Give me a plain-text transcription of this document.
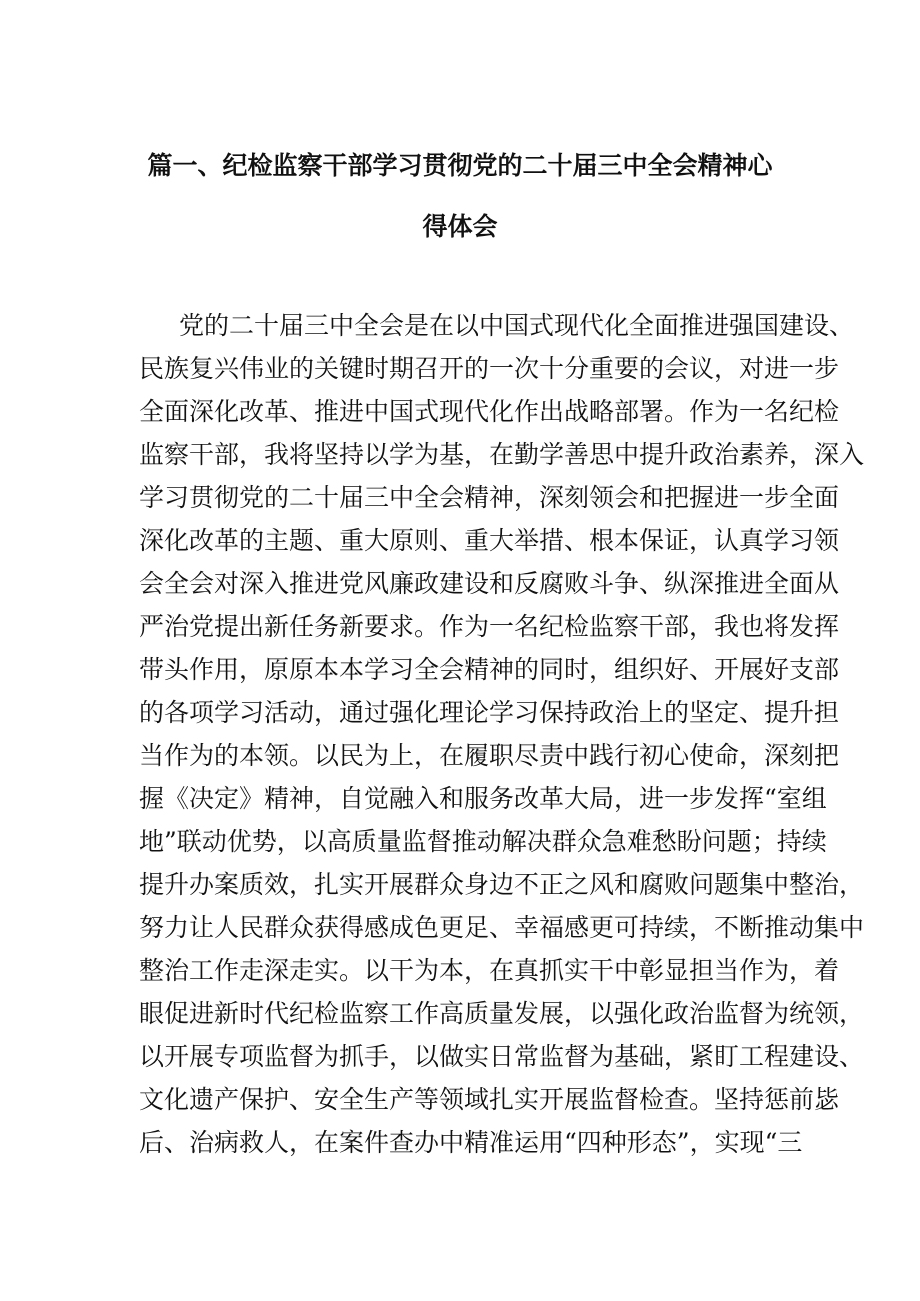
篇一、纪检监察干部学习贯彻党的二十届三中全会精神心
得体会
党的二十届三中全会是在以中国式现代化全面推进强国建设、
民族复兴伟业的关键时期召开的一次十分重要的会议，对进一步
全面深化改革、推进中国式现代化作出战略部署。作为一名纪检
监察干部，我将坚持以学为基，在勤学善思中提升政治素养，深入
学习贯彻党的二十届三中全会精神，深刻领会和把握进一步全面
深化改革的主题、重大原则、重大举措、根本保证，认真学习领
会全会对深入推进党风廉政建设和反腐败斗争、纵深推进全面从
严治党提出新任务新要求。作为一名纪检监察干部，我也将发挥
带头作用，原原本本学习全会精神的同时，组织好、开展好支部
的各项学习活动，通过强化理论学习保持政治上的坚定、提升担
当作为的本领。以民为上，在履职尽责中践行初心使命，深刻把
握《决定》精神，自觉融入和服务改革大局，进一步发挥“室组
地”联动优势，以高质量监督推动解决群众急难愁盼问题；持续
提升办案质效，扎实开展群众身边不正之风和腐败问题集中整治，
努力让人民群众获得感成色更足、幸福感更可持续，不断推动集中
整治工作走深走实。以干为本，在真抓实干中彰显担当作为，着
眼促进新时代纪检监察工作高质量发展，以强化政治监督为统领，
以开展专项监督为抓手，以做实日常监督为基础，紧盯工程建设、
文化遗产保护、安全生产等领域扎实开展监督检查。坚持惩前毖
后、治病救人，在案件查办中精准运用“四种形态”，实现“三
